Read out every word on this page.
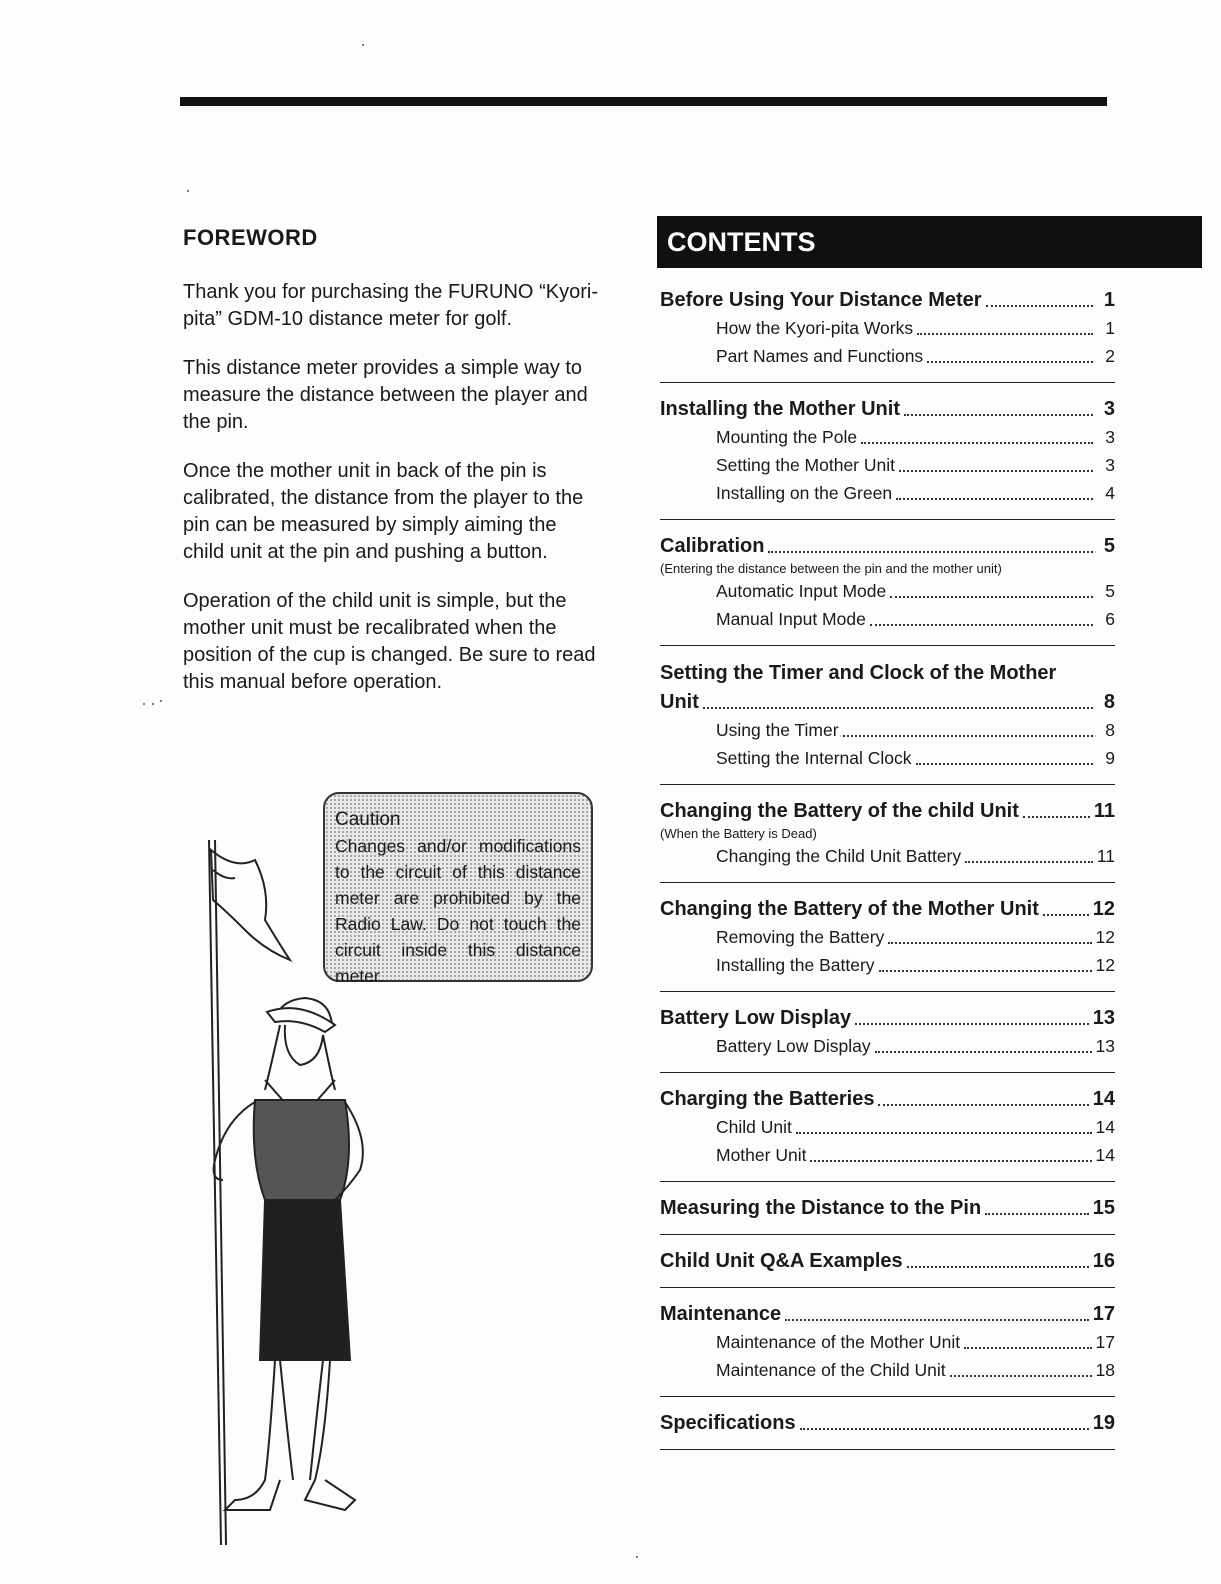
FOREWORD

Thank you for purchasing the FURUNO “Kyori-pita” GDM-10 distance meter for golf.

This distance meter provides a simple way to measure the distance between the player and the pin.

Once the mother unit in back of the pin is calibrated, the distance from the player to the pin can be measured by simply aiming the child unit at the pin and pushing a button.

Operation of the child unit is simple, but the mother unit must be recalibrated when the position of the cup is changed. Be sure to read this manual before operation.

Caution
Changes and/or modifications to the circuit of this distance meter are prohibited by the Radio Law. Do not touch the circuit inside this distance meter.
CONTENTS
Before Using Your Distance Meter	1
How the Kyori-pita Works	1
Part Names and Functions	2
Installing the Mother Unit	3
Mounting the Pole	3
Setting the Mother Unit	3
Installing on the Green	4
Calibration	5
(Entering the distance between the pin and the mother unit)
Automatic Input Mode	5
Manual Input Mode	6
Setting the Timer and Clock of the Mother
Unit	8
Using the Timer	8
Setting the Internal Clock	9
Changing the Battery of the child Unit	11
(When the Battery is Dead)
Changing the Child Unit Battery	11
Changing the Battery of the Mother Unit	12
Removing the Battery	12
Installing the Battery	12
Battery Low Display	13
Battery Low Display	13
Charging the Batteries	14
Child Unit	14
Mother Unit	14
Measuring the Distance to the Pin	15
Child Unit Q&A Examples	16
Maintenance	17
Maintenance of the Mother Unit	17
Maintenance of the Child Unit	18
Specifications	19
